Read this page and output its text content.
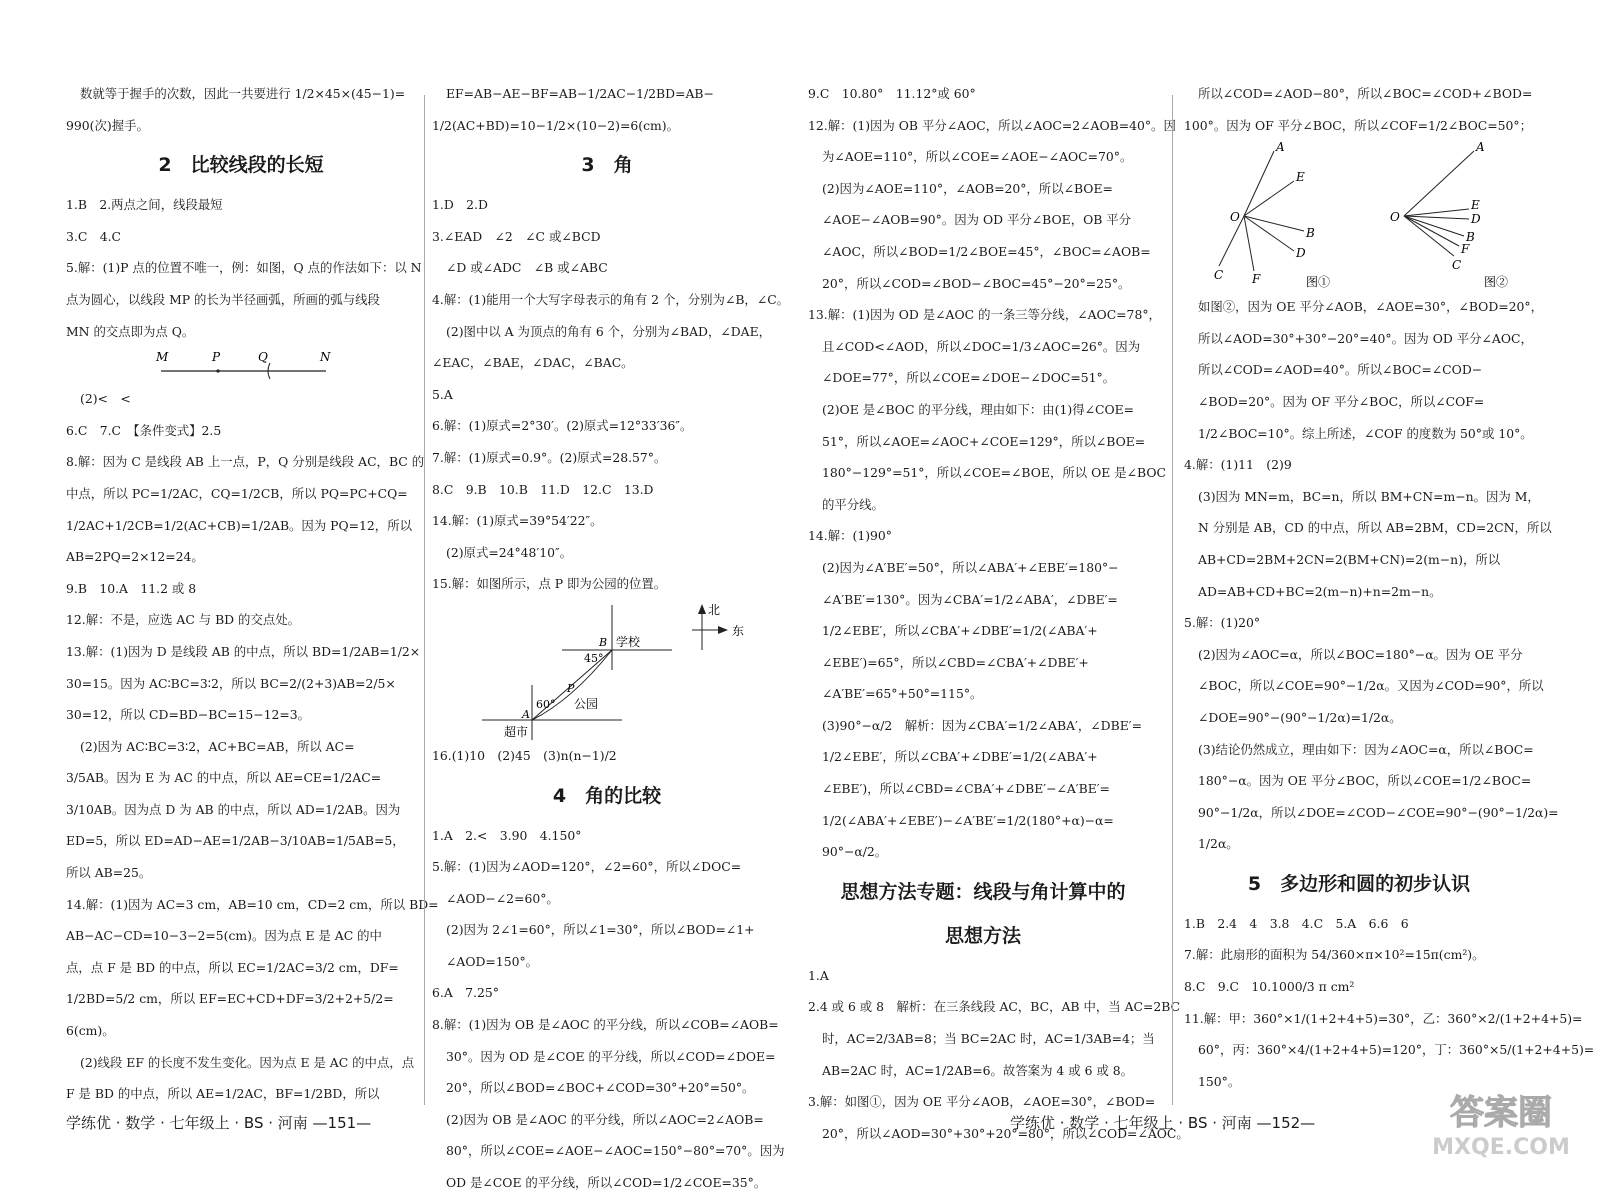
数就等于握手的次数，因此一共要进行 1/2×45×(45−1)=
990(次)握手。
2　比较线段的长短
1.B　2.两点之间，线段最短
3.C　4.C
5.解：(1)P 点的位置不唯一，例：如图，Q 点的作法如下：以 N
点为圆心，以线段 MP 的长为半径画弧，所画的弧与线段
MN 的交点即为点 Q。
M	P	Q	N
(2)<　<
6.C　7.C　【条件变式】2.5
8.解：因为 C 是线段 AB 上一点，P，Q 分别是线段 AC，BC 的
中点，所以 PC=1/2AC，CQ=1/2CB，所以 PQ=PC+CQ=
1/2AC+1/2CB=1/2(AC+CB)=1/2AB。因为 PQ=12，所以
AB=2PQ=2×12=24。
9.B　10.A　11.2 或 8
12.解：不是，应选 AC 与 BD 的交点处。
13.解：(1)因为 D 是线段 AB 的中点，所以 BD=1/2AB=1/2×
30=15。因为 AC∶BC=3∶2，所以 BC=2/(2+3)AB=2/5×
30=12，所以 CD=BD−BC=15−12=3。
(2)因为 AC∶BC=3∶2，AC+BC=AB，所以 AC=
3/5AB。因为 E 为 AC 的中点，所以 AE=CE=1/2AC=
3/10AB。因为点 D 为 AB 的中点，所以 AD=1/2AB。因为
ED=5，所以 ED=AD−AE=1/2AB−3/10AB=1/5AB=5，
所以 AB=25。
14.解：(1)因为 AC=3 cm，AB=10 cm，CD=2 cm，所以 BD=
AB−AC−CD=10−3−2=5(cm)。因为点 E 是 AC 的中
点，点 F 是 BD 的中点，所以 EC=1/2AC=3/2 cm，DF=
1/2BD=5/2 cm，所以 EF=EC+CD+DF=3/2+2+5/2=
6(cm)。
(2)线段 EF 的长度不发生变化。因为点 E 是 AC 的中点，点
F 是 BD 的中点，所以 AE=1/2AC，BF=1/2BD，所以
EF=AB−AE−BF=AB−1/2AC−1/2BD=AB−
1/2(AC+BD)=10−1/2×(10−2)=6(cm)。
3　角
1.D　2.D
3.∠EAD　∠2　∠C 或∠BCD
∠D 或∠ADC　∠B 或∠ABC
4.解：(1)能用一个大写字母表示的角有 2 个，分别为∠B，∠C。
(2)图中以 A 为顶点的角有 6 个，分别为∠BAD，∠DAE，
∠EAC，∠BAE，∠DAC，∠BAC。
5.A
6.解：(1)原式=2°30′。(2)原式=12°33′36″。
7.解：(1)原式=0.9°。(2)原式=28.57°。
8.C　9.B　10.B　11.D　12.C　13.D
14.解：(1)原式=39°54′22″。
(2)原式=24°48′10″。
15.解：如图所示，点 P 即为公园的位置。
45°
60°
B
A
P
学校
公园
超市
北
东
16.(1)10　(2)45　(3)n(n−1)/2
4　角的比较
1.A　2.<　3.90　4.150°
5.解：(1)因为∠AOD=120°，∠2=60°，所以∠DOC=
∠AOD−∠2=60°。
(2)因为 2∠1=60°，所以∠1=30°，所以∠BOD=∠1+
∠AOD=150°。
6.A　7.25°
8.解：(1)因为 OB 是∠AOC 的平分线，所以∠COB=∠AOB=
30°。因为 OD 是∠COE 的平分线，所以∠COD=∠DOE=
20°，所以∠BOD=∠BOC+∠COD=30°+20°=50°。
(2)因为 OB 是∠AOC 的平分线，所以∠AOC=2∠AOB=
80°，所以∠COE=∠AOE−∠AOC=150°−80°=70°。因为
OD 是∠COE 的平分线，所以∠COD=1/2∠COE=35°。
9.C　10.80°　11.12°或 60°
12.解：(1)因为 OB 平分∠AOC，所以∠AOC=2∠AOB=40°。因
为∠AOE=110°，所以∠COE=∠AOE−∠AOC=70°。
(2)因为∠AOE=110°，∠AOB=20°，所以∠BOE=
∠AOE−∠AOB=90°。因为 OD 平分∠BOE，OB 平分
∠AOC，所以∠BOD=1/2∠BOE=45°，∠BOC=∠AOB=
20°，所以∠COD=∠BOD−∠BOC=45°−20°=25°。
13.解：(1)因为 OD 是∠AOC 的一条三等分线，∠AOC=78°，
且∠COD<∠AOD，所以∠DOC=1/3∠AOC=26°。因为
∠DOE=77°，所以∠COE=∠DOE−∠DOC=51°。
(2)OE 是∠BOC 的平分线，理由如下：由(1)得∠COE=
51°，所以∠AOE=∠AOC+∠COE=129°，所以∠BOE=
180°−129°=51°，所以∠COE=∠BOE，所以 OE 是∠BOC
的平分线。
14.解：(1)90°
(2)因为∠A′BE′=50°，所以∠ABA′+∠EBE′=180°−
∠A′BE′=130°。因为∠CBA′=1/2∠ABA′，∠DBE′=
1/2∠EBE′，所以∠CBA′+∠DBE′=1/2(∠ABA′+
∠EBE′)=65°，所以∠CBD=∠CBA′+∠DBE′+
∠A′BE′=65°+50°=115°。
(3)90°−α/2　解析：因为∠CBA′=1/2∠ABA′，∠DBE′=
1/2∠EBE′，所以∠CBA′+∠DBE′=1/2(∠ABA′+
∠EBE′)，所以∠CBD=∠CBA′+∠DBE′−∠A′BE′=
1/2(∠ABA′+∠EBE′)−∠A′BE′=1/2(180°+α)−α=
90°−α/2。
思想方法专题：线段与角计算中的
思想方法
1.A
2.4 或 6 或 8　解析：在三条线段 AC，BC，AB 中，当 AC=2BC
时，AC=2/3AB=8；当 BC=2AC 时，AC=1/3AB=4；当
AB=2AC 时，AC=1/2AB=6。故答案为 4 或 6 或 8。
3.解：如图①，因为 OE 平分∠AOB，∠AOE=30°，∠BOD=
20°，所以∠AOD=30°+30°+20°=80°，所以∠COD=∠AOC。
所以∠COD=∠AOD−80°，所以∠BOC=∠COD+∠BOD=
100°。因为 OF 平分∠BOC，所以∠COF=1/2∠BOC=50°；
A
E
O
B
D
C F
A
E
D
O
B
F
C
图①	图②
如图②，因为 OE 平分∠AOB，∠AOE=30°，∠BOD=20°，
所以∠AOD=30°+30°−20°=40°。因为 OD 平分∠AOC，
所以∠COD=∠AOD=40°。所以∠BOC=∠COD−
∠BOD=20°。因为 OF 平分∠BOC，所以∠COF=
1/2∠BOC=10°。综上所述，∠COF 的度数为 50°或 10°。
4.解：(1)11　(2)9
(3)因为 MN=m，BC=n，所以 BM+CN=m−n。因为 M，
N 分别是 AB，CD 的中点，所以 AB=2BM，CD=2CN，所以
AB+CD=2BM+2CN=2(BM+CN)=2(m−n)，所以
AD=AB+CD+BC=2(m−n)+n=2m−n。
5.解：(1)20°
(2)因为∠AOC=α，所以∠BOC=180°−α。因为 OE 平分
∠BOC，所以∠COE=90°−1/2α。又因为∠COD=90°，所以
∠DOE=90°−(90°−1/2α)=1/2α。
(3)结论仍然成立，理由如下：因为∠AOC=α，所以∠BOC=
180°−α。因为 OE 平分∠BOC，所以∠COE=1/2∠BOC=
90°−1/2α，所以∠DOE=∠COD−∠COE=90°−(90°−1/2α)=
1/2α。
5　多边形和圆的初步认识
1.B　2.4　4　3.8　4.C　5.A　6.6　6
7.解：此扇形的面积为 54/360×π×10²=15π(cm²)。
8.C　9.C　10.1000/3 π cm²
11.解：甲：360°×1/(1+2+4+5)=30°，乙：360°×2/(1+2+4+5)=
60°，丙：360°×4/(1+2+4+5)=120°，丁：360°×5/(1+2+4+5)=
150°。
学练优 · 数学 · 七年级上 · BS · 河南 —151—	学练优 · 数学 · 七年级上 · BS · 河南 —152—	答案圈
MXQE.COM
